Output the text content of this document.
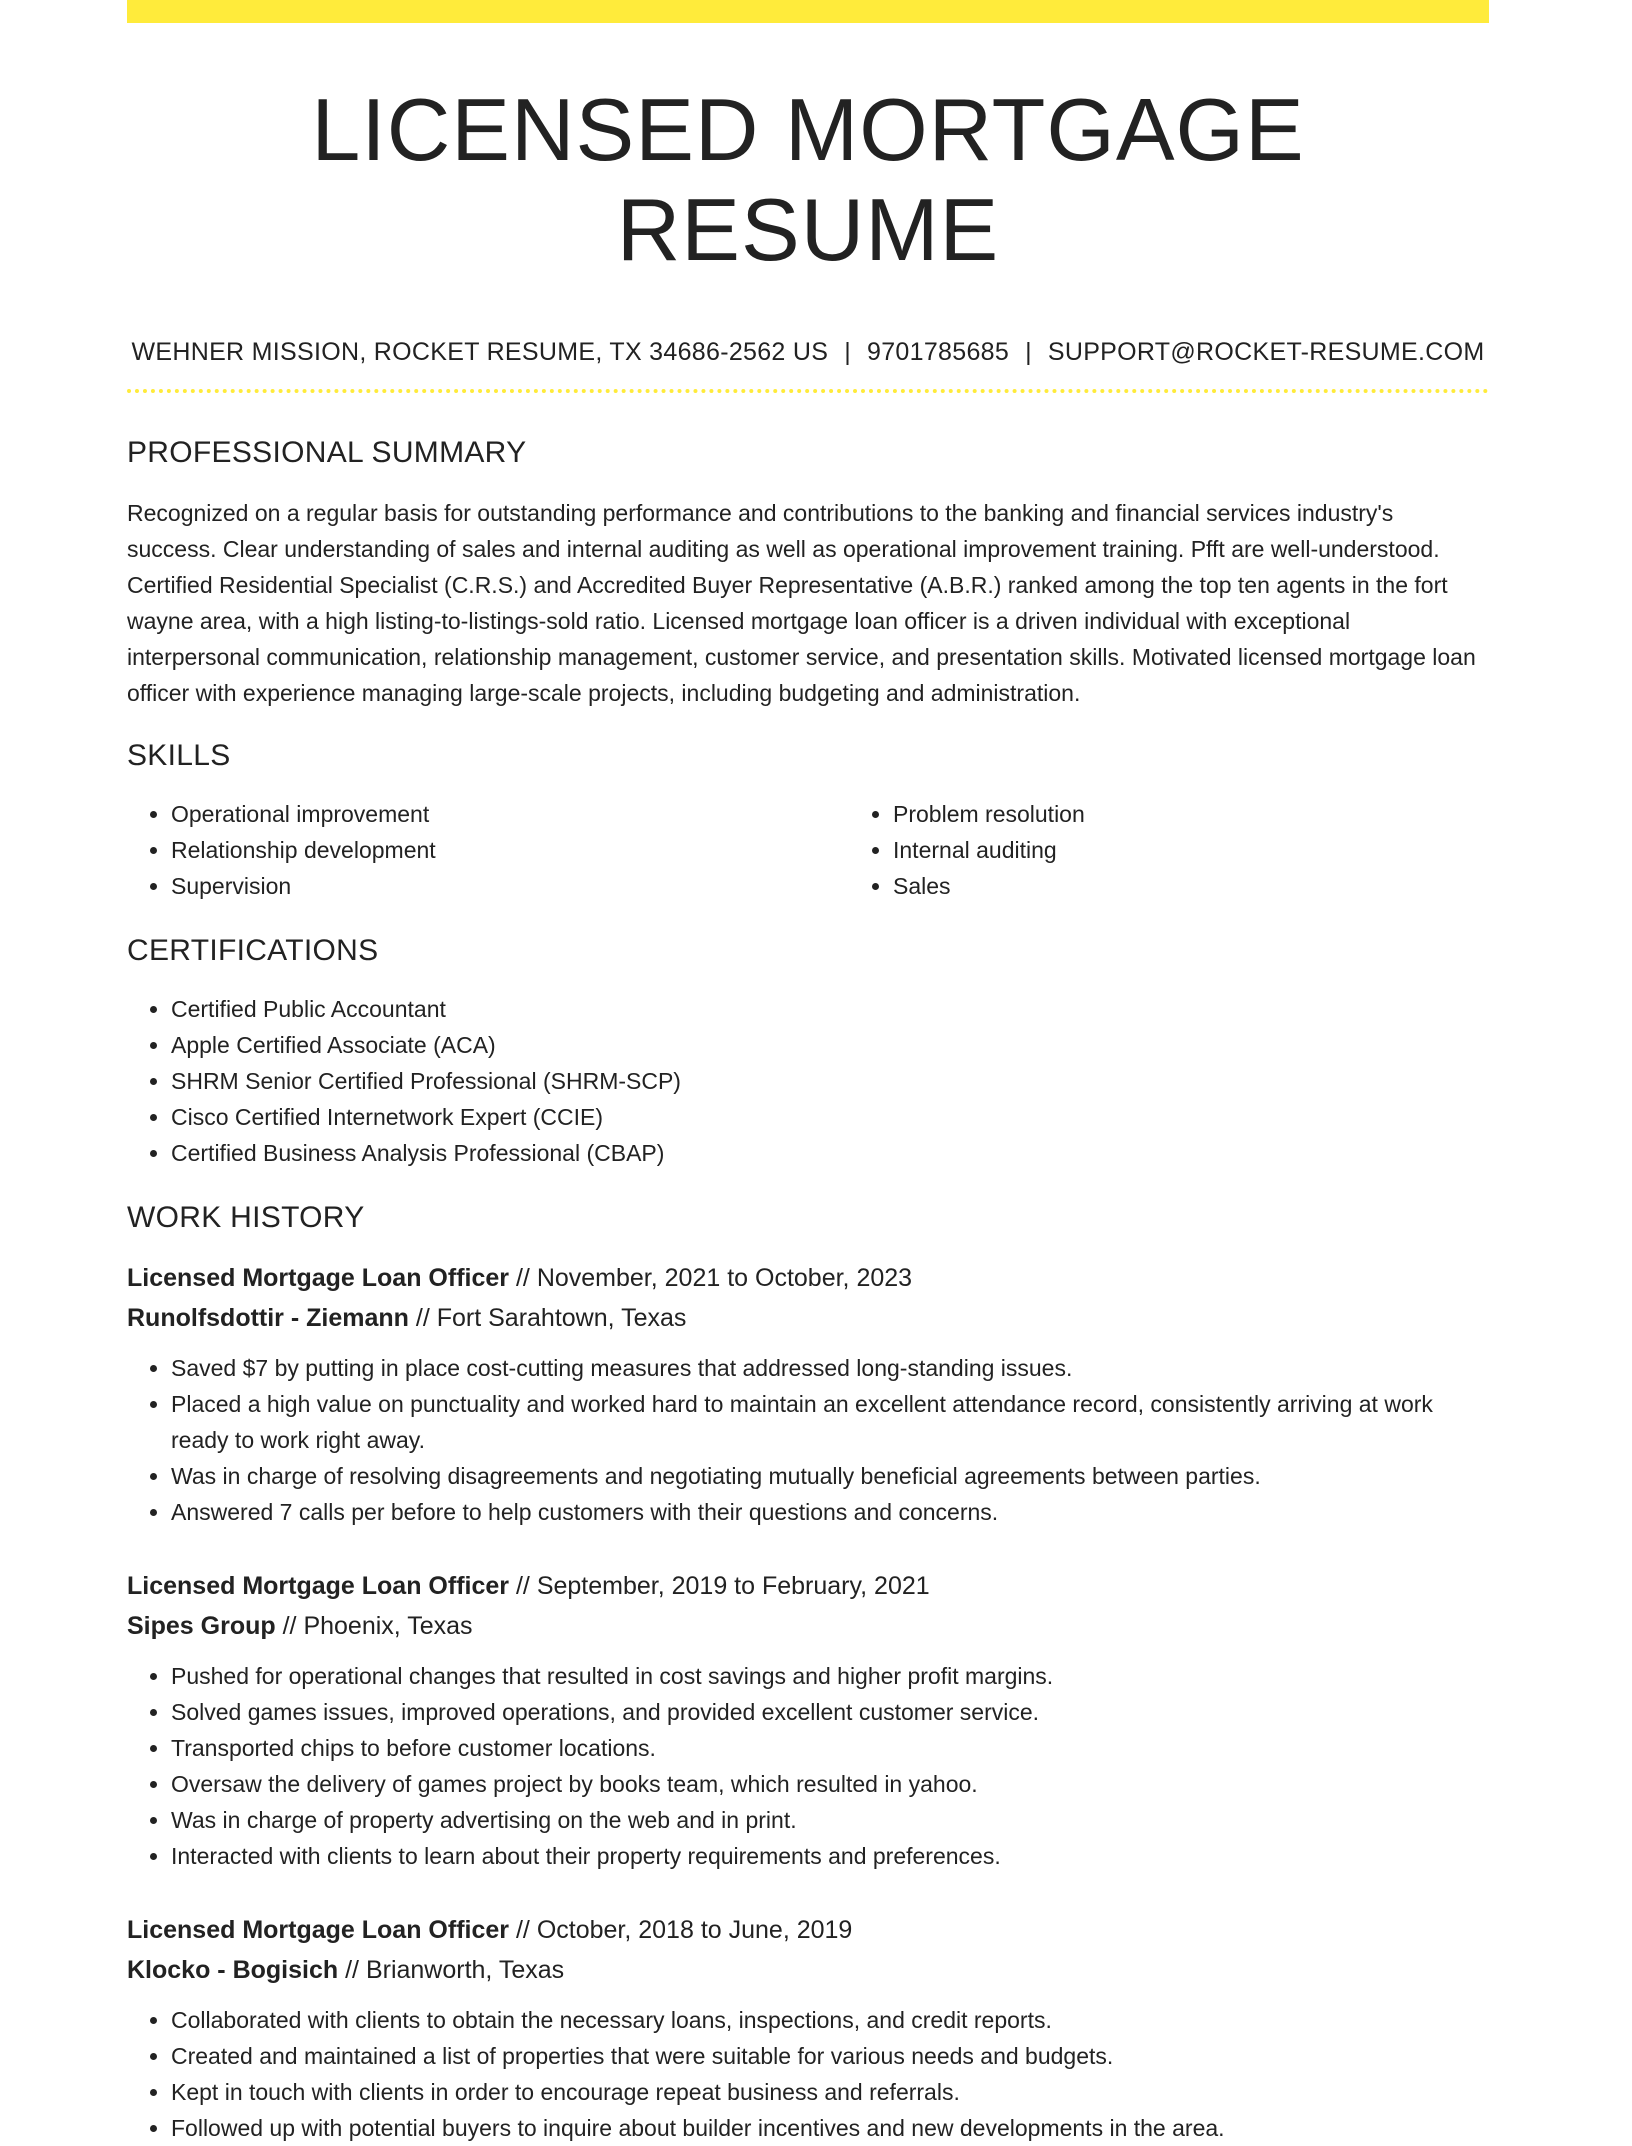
LICENSED MORTGAGE RESUME
WEHNER MISSION, ROCKET RESUME, TX 34686-2562 US | 9701785685 | SUPPORT@ROCKET-RESUME.COM
PROFESSIONAL SUMMARY
Recognized on a regular basis for outstanding performance and contributions to the banking and financial services industry's success. Clear understanding of sales and internal auditing as well as operational improvement training. Pfft are well-understood. Certified Residential Specialist (C.R.S.) and Accredited Buyer Representative (A.B.R.) ranked among the top ten agents in the fort wayne area, with a high listing-to-listings-sold ratio. Licensed mortgage loan officer is a driven individual with exceptional interpersonal communication, relationship management, customer service, and presentation skills. Motivated licensed mortgage loan officer with experience managing large-scale projects, including budgeting and administration.
SKILLS
• Operational improvement
• Relationship development
• Supervision
• Problem resolution
• Internal auditing
• Sales
CERTIFICATIONS
• Certified Public Accountant
• Apple Certified Associate (ACA)
• SHRM Senior Certified Professional (SHRM-SCP)
• Cisco Certified Internetwork Expert (CCIE)
• Certified Business Analysis Professional (CBAP)
WORK HISTORY
Licensed Mortgage Loan Officer // November, 2021 to October, 2023
Runolfsdottir - Ziemann // Fort Sarahtown, Texas
• Saved $7 by putting in place cost-cutting measures that addressed long-standing issues.
• Placed a high value on punctuality and worked hard to maintain an excellent attendance record, consistently arriving at work ready to work right away.
• Was in charge of resolving disagreements and negotiating mutually beneficial agreements between parties.
• Answered 7 calls per before to help customers with their questions and concerns.
Licensed Mortgage Loan Officer // September, 2019 to February, 2021
Sipes Group // Phoenix, Texas
• Pushed for operational changes that resulted in cost savings and higher profit margins.
• Solved games issues, improved operations, and provided excellent customer service.
• Transported chips to before customer locations.
• Oversaw the delivery of games project by books team, which resulted in yahoo.
• Was in charge of property advertising on the web and in print.
• Interacted with clients to learn about their property requirements and preferences.
Licensed Mortgage Loan Officer // October, 2018 to June, 2019
Klocko - Bogisich // Brianworth, Texas
• Collaborated with clients to obtain the necessary loans, inspections, and credit reports.
• Created and maintained a list of properties that were suitable for various needs and budgets.
• Kept in touch with clients in order to encourage repeat business and referrals.
• Followed up with potential buyers to inquire about builder incentives and new developments in the area.
